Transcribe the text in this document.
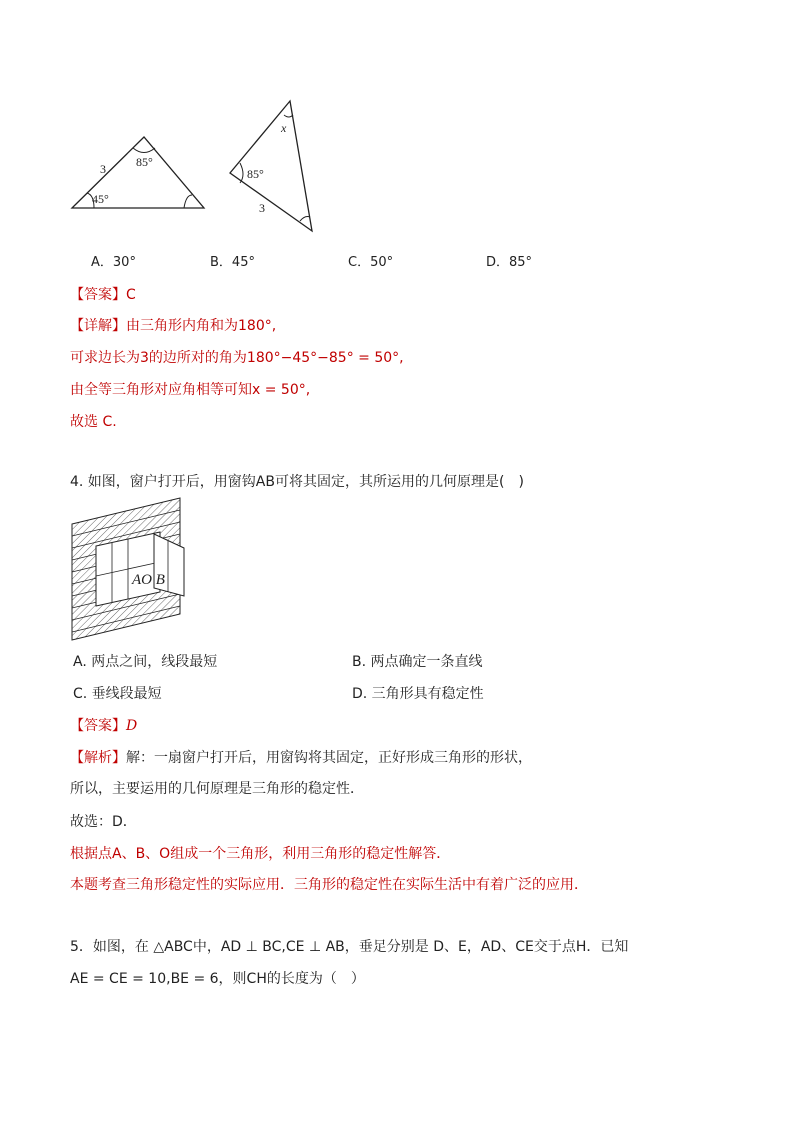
3	85°
45°
x
85°
3
A．30°	B．45°	C．50°	D．85°
【答案】C
【详解】由三角形内角和为180°,
可求边长为3的边所对的角为180°−45°−85° = 50°,
由全等三角形对应角相等可知x = 50°,
故选 C.
4. 如图，窗户打开后，用窗钩AB可将其固定，其所运用的几何原理是(　)
AO B
A. 两点之间，线段最短	B. 两点确定一条直线
C. 垂线段最短	D. 三角形具有稳定性
【答案】D
【解析】解：一扇窗户打开后，用窗钩将其固定，正好形成三角形的形状，
所以，主要运用的几何原理是三角形的稳定性．
故选：D．
根据点A、B、O组成一个三角形，利用三角形的稳定性解答．
本题考查三角形稳定性的实际应用．三角形的稳定性在实际生活中有着广泛的应用．
5．如图，在 △ABC中，AD ⊥ BC,CE ⊥ AB，垂足分别是 D、E，AD、CE交于点H．已知
AE = CE = 10,BE = 6，则CH的长度为（　）
